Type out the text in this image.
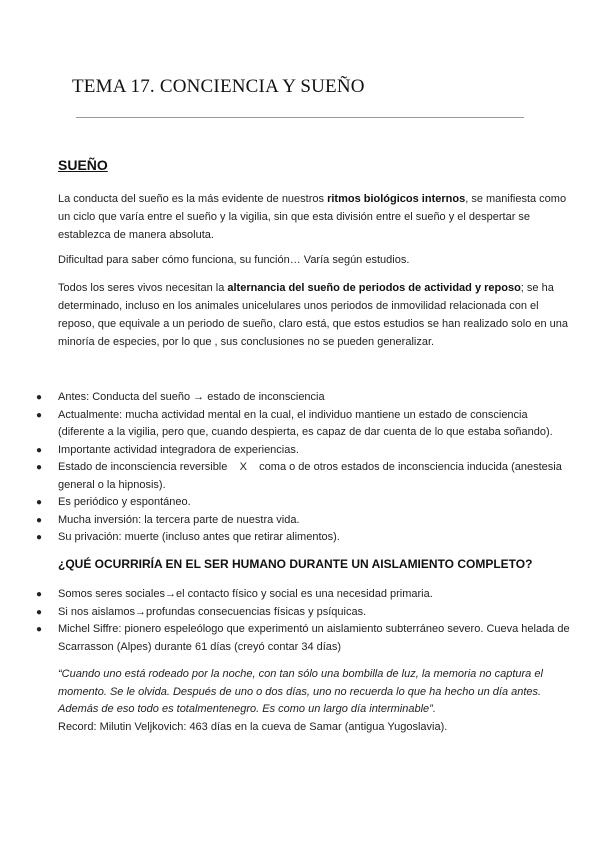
TEMA 17. CONCIENCIA Y SUEÑO
SUEÑO

La conducta del sueño es la más evidente de nuestros ritmos biológicos internos, se manifiesta como un ciclo que varía entre el sueño y la vigilia, sin que esta división entre el sueño y el despertar se establezca de manera absoluta.

Dificultad para saber cómo funciona, su función… Varía según estudios.

Todos los seres vivos necesitan la alternancia del sueño de periodos de actividad y reposo; se ha determinado, incluso en los animales unicelulares unos periodos de inmovilidad relacionada con el reposo, que equivale a un periodo de sueño, claro está, que estos estudios se han realizado solo en una minoría de especies, por lo que , sus conclusiones no se pueden generalizar.

● Antes: Conducta del sueño → estado de inconsciencia
● Actualmente: mucha actividad mental en la cual, el individuo mantiene un estado de consciencia (diferente a la vigilia, pero que, cuando despierta, es capaz de dar cuenta de lo que estaba soñando).
● Importante actividad integradora de experiencias.
● Estado de inconsciencia reversible    X    coma o de otros estados de inconsciencia inducida (anestesia general o la hipnosis).
● Es periódico y espontáneo.
● Mucha inversión: la tercera parte de nuestra vida.
● Su privación: muerte (incluso antes que retirar alimentos).
¿QUÉ OCURRIRÍA EN EL SER HUMANO DURANTE UN AISLAMIENTO COMPLETO?
● Somos seres sociales→el contacto físico y social es una necesidad primaria.
● Si nos aislamos→profundas consecuencias físicas y psíquicas.
● Michel Siffre: pionero espeleólogo que experimentó un aislamiento subterráneo severo. Cueva helada de Scarrasson (Alpes) durante 61 días (creyó contar 34 días)
“Cuando uno está rodeado por la noche, con tan sólo una bombilla de luz, la memoria no captura el momento. Se le olvida. Después de uno o dos días, uno no recuerda lo que ha hecho un día antes. Además de eso todo es totalmentenegro. Es como un largo día interminable”.
Record: Milutin Veljkovich: 463 días en la cueva de Samar (antigua Yugoslavia).
